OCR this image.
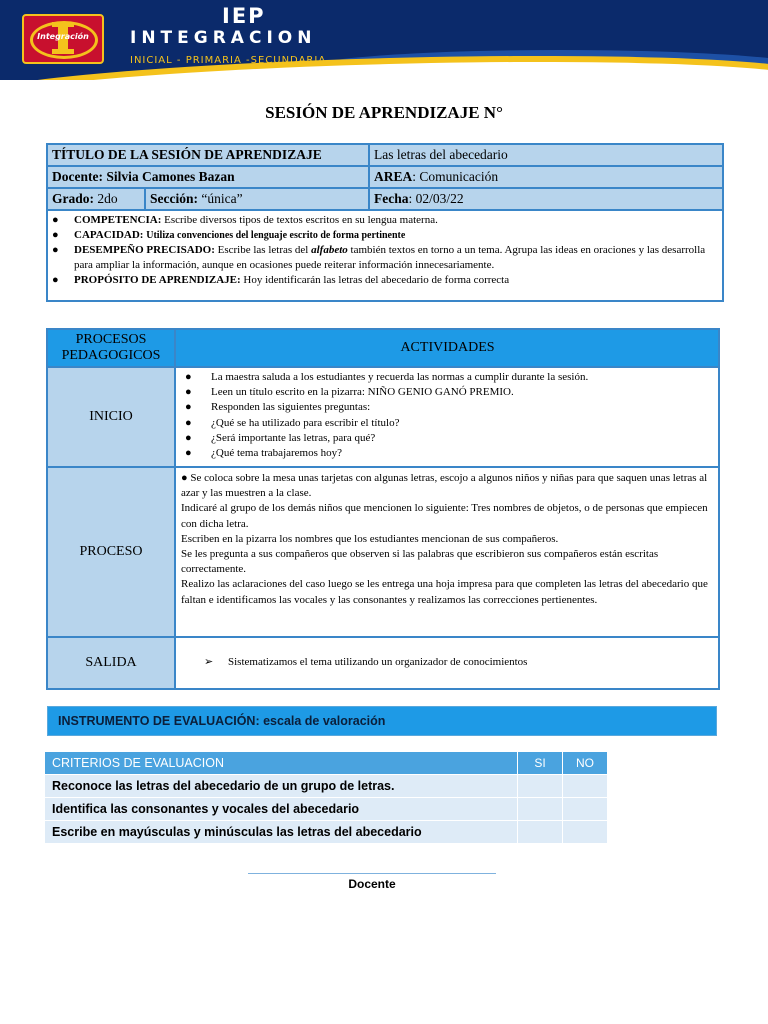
Integración
IEP
INTEGRACION
INICIAL - PRIMARIA -SECUNDARIA
SESIÓN DE APRENDIZAJE N°
TÍTULO DE LA SESIÓN DE APRENDIZAJE	Las letras del abecedario
Docente: Silvia Camones Bazan	AREA: Comunicación
Grado: 2do	Sección: “única”	Fecha: 02/03/22
●	COMPETENCIA: Escribe diversos tipos de textos escritos en su lengua materna.
●	CAPACIDAD: Utiliza convenciones del lenguaje escrito de forma pertinente
●	DESEMPEÑO PRECISADO: Escribe las letras del alfabeto también textos en torno a un tema. Agrupa las ideas en oraciones y las desarrolla para ampliar la información, aunque en ocasiones puede reiterar información innecesariamente.
●	PROPÓSITO DE APRENDIZAJE: Hoy identificarán las letras del abecedario de forma correcta
PROCESOS PEDAGOGICOS
ACTIVIDADES
INICIO
●	La maestra saluda a los estudiantes y recuerda las normas a cumplir durante la sesión.
●	Leen un título escrito en la pizarra: NIÑO GENIO GANÓ PREMIO.
●	Responden las siguientes preguntas:
●	¿Qué se ha utilizado para escribir el título?
●	¿Será importante las letras, para qué?
●	¿Qué tema trabajaremos hoy?
PROCESO
● Se coloca sobre la mesa unas tarjetas con algunas letras, escojo a algunos niños y niñas para que saquen unas letras al azar y las muestren a la clase.
Indicaré al grupo de los demás niños que mencionen lo siguiente: Tres nombres de objetos, o de personas que empiecen con dicha letra.
Escriben en la pizarra los nombres que los estudiantes mencionan de sus compañeros.
Se les pregunta a sus compañeros que observen si las palabras que escribieron sus compañeros están escritas correctamente.
Realizo las aclaraciones del caso luego se les entrega una hoja impresa para que completen las letras del abecedario que faltan e identificamos las vocales y las consonantes y realizamos las correcciones pertienentes.
SALIDA	➢	Sistematizamos el tema utilizando un organizador de conocimientos
INSTRUMENTO DE EVALUACIÓN: escala de valoración
CRITERIOS DE EVALUACION	SI	NO
Reconoce las letras del abecedario de un grupo de letras.
Identifica las consonantes y vocales del abecedario
Escribe en mayúsculas y minúsculas las letras del abecedario
Docente
